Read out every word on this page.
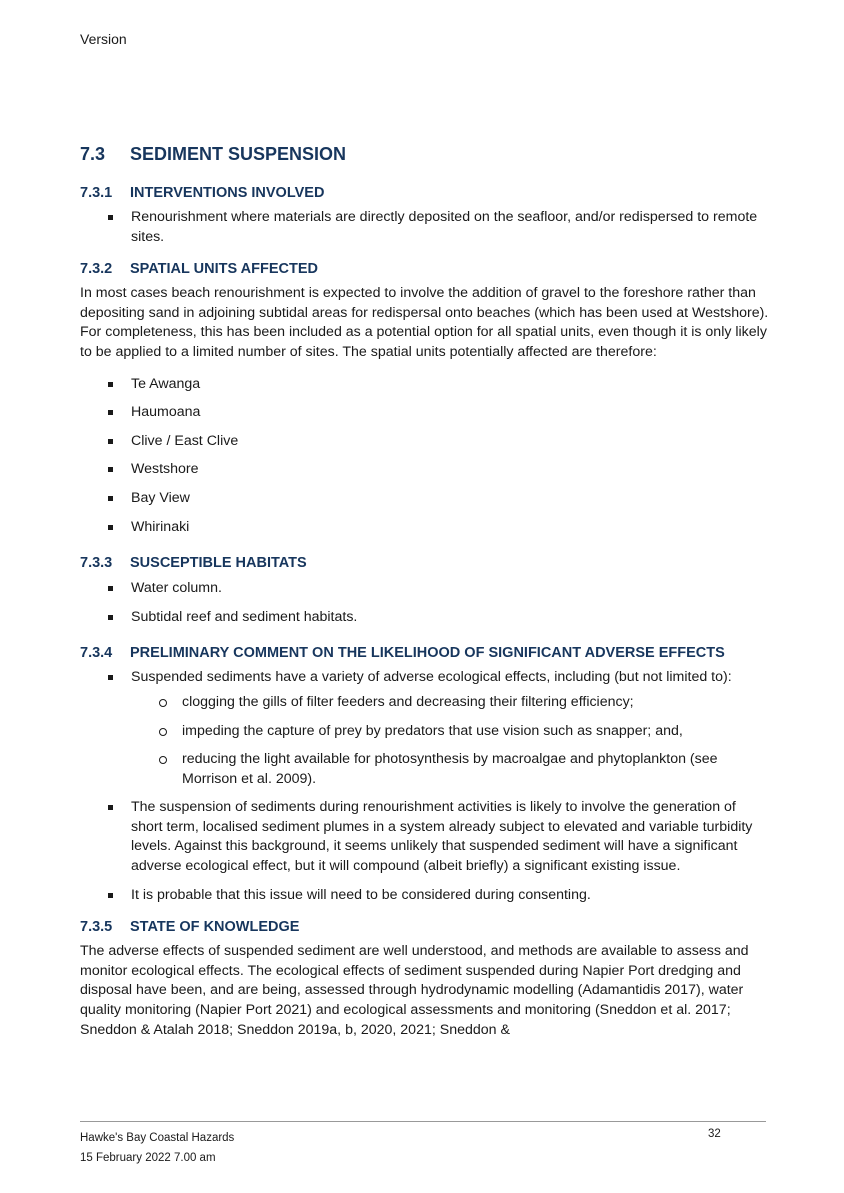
Version
7.3	SEDIMENT SUSPENSION
7.3.1	INTERVENTIONS INVOLVED
Renourishment where materials are directly deposited on the seafloor, and/or redispersed to remote sites.
7.3.2	SPATIAL UNITS AFFECTED

In most cases beach renourishment is expected to involve the addition of gravel to the foreshore rather than depositing sand in adjoining subtidal areas for redispersal onto beaches (which has been used at Westshore). For completeness, this has been included as a potential option for all spatial units, even though it is only likely to be applied to a limited number of sites. The spatial units potentially affected are therefore:

Te Awanga
Haumoana
Clive / East Clive
Westshore
Bay View
Whirinaki
7.3.3	SUSCEPTIBLE HABITATS
Water column.
Subtidal reef and sediment habitats.
7.3.4	PRELIMINARY COMMENT ON THE LIKELIHOOD OF SIGNIFICANT ADVERSE EFFECTS
Suspended sediments have a variety of adverse ecological effects, including (but not limited to):
clogging the gills of filter feeders and decreasing their filtering efficiency;
impeding the capture of prey by predators that use vision such as snapper; and,
reducing the light available for photosynthesis by macroalgae and phytoplankton (see Morrison et al. 2009).
The suspension of sediments during renourishment activities is likely to involve the generation of short term, localised sediment plumes in a system already subject to elevated and variable turbidity levels. Against this background, it seems unlikely that suspended sediment will have a significant adverse ecological effect, but it will compound (albeit briefly) a significant existing issue.
It is probable that this issue will need to be considered during consenting.
7.3.5	STATE OF KNOWLEDGE

The adverse effects of suspended sediment are well understood, and methods are available to assess and monitor ecological effects. The ecological effects of sediment suspended during Napier Port dredging and disposal have been, and are being, assessed through hydrodynamic modelling (Adamantidis 2017), water quality monitoring (Napier Port 2021) and ecological assessments and monitoring (Sneddon et al. 2017; Sneddon & Atalah 2018; Sneddon 2019a, b, 2020, 2021; Sneddon &

Hawke's Bay Coastal Hazards
15 February 2022 7.00 am
32
